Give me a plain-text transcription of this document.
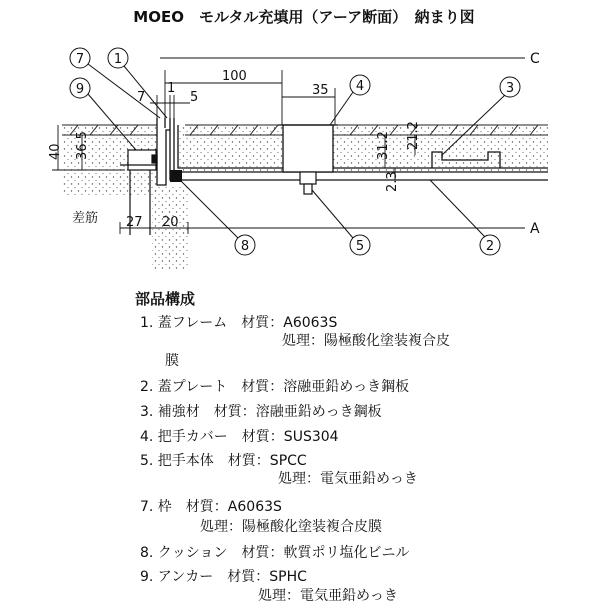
MOEO　モルタル充填用（アーア断面）　納まり図
C
A
7
1
5
100
35
40 36.5	31.2 21.2
2.3
27 20
差筋
7 1
9	4	3
8	5	2
部品構成
1. 蓋フレーム　材質：A6063S
処理：陽極酸化塗装複合皮
膜
2. 蓋プレート　材質：溶融亜鉛めっき鋼板
3. 補強材　材質：溶融亜鉛めっき鋼板
4. 把手カバー　材質：SUS304
5. 把手本体　材質：SPCC
処理：電気亜鉛めっき
7. 枠　材質：A6063S
処理：陽極酸化塗装複合皮膜
8. クッション　材質：軟質ポリ塩化ビニル
9. アンカー　材質：SPHC
処理：電気亜鉛めっき
